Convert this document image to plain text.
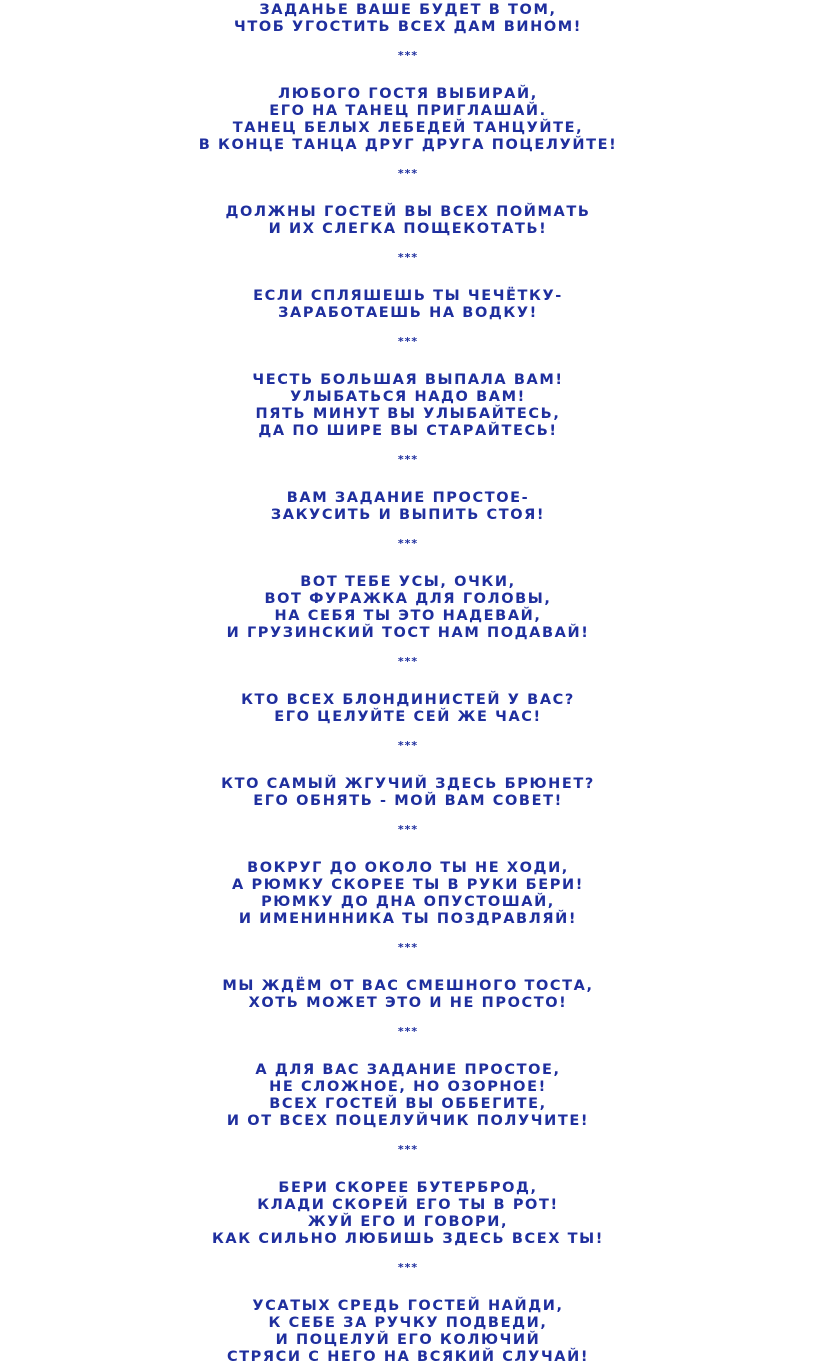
ЗАДАНЬЕ ВАШЕ БУДЕТ В ТОМ,
ЧТОБ УГОСТИТЬ ВСЕХ ДАМ ВИНОМ!
***
ЛЮБОГО ГОСТЯ ВЫБИРАЙ,
ЕГО НА ТАНЕЦ ПРИГЛАШАЙ.
ТАНЕЦ БЕЛЫХ ЛЕБЕДЕЙ ТАНЦУЙТЕ,
В КОНЦЕ ТАНЦА ДРУГ ДРУГА ПОЦЕЛУЙТЕ!
***
ДОЛЖНЫ ГОСТЕЙ ВЫ ВСЕХ ПОЙМАТЬ
И ИХ СЛЕГКА ПОЩЕКОТАТЬ!
***
ЕСЛИ СПЛЯШЕШЬ ТЫ ЧЕЧЁТКУ-
ЗАРАБОТАЕШЬ НА ВОДКУ!
***
ЧЕСТЬ БОЛЬШАЯ ВЫПАЛА ВАМ!
УЛЫБАТЬСЯ НАДО ВАМ!
ПЯТЬ МИНУТ ВЫ УЛЫБАЙТЕСЬ,
ДА ПО ШИРЕ ВЫ СТАРАЙТЕСЬ!
***
ВАМ ЗАДАНИЕ ПРОСТОЕ-
ЗАКУСИТЬ И ВЫПИТЬ СТОЯ!
***
ВОТ ТЕБЕ УСЫ, ОЧКИ,
ВОТ ФУРАЖКА ДЛЯ ГОЛОВЫ,
НА СЕБЯ ТЫ ЭТО НАДЕВАЙ,
И ГРУЗИНСКИЙ ТОСТ НАМ ПОДАВАЙ!
***
КТО ВСЕХ БЛОНДИНИСТЕЙ У ВАС?
ЕГО ЦЕЛУЙТЕ СЕЙ ЖЕ ЧАС!
***
КТО САМЫЙ ЖГУЧИЙ ЗДЕСЬ БРЮНЕТ?
ЕГО ОБНЯТЬ - МОЙ ВАМ СОВЕТ!
***
ВОКРУГ ДО ОКОЛО ТЫ НЕ ХОДИ,
А РЮМКУ СКОРЕЕ ТЫ В РУКИ БЕРИ!
РЮМКУ ДО ДНА ОПУСТОШАЙ,
И ИМЕНИННИКА ТЫ ПОЗДРАВЛЯЙ!
***
МЫ ЖДЁМ ОТ ВАС СМЕШНОГО ТОСТА,
ХОТЬ МОЖЕТ ЭТО И НЕ ПРОСТО!
***
А ДЛЯ ВАС ЗАДАНИЕ ПРОСТОЕ,
НЕ СЛОЖНОЕ, НО ОЗОРНОЕ!
ВСЕХ ГОСТЕЙ ВЫ ОББЕГИТЕ,
И ОТ ВСЕХ ПОЦЕЛУЙЧИК ПОЛУЧИТЕ!
***
БЕРИ СКОРЕЕ БУТЕРБРОД,
КЛАДИ СКОРЕЙ ЕГО ТЫ В РОТ!
ЖУЙ ЕГО И ГОВОРИ,
КАК СИЛЬНО ЛЮБИШЬ ЗДЕСЬ ВСЕХ ТЫ!
***
УСАТЫХ СРЕДЬ ГОСТЕЙ НАЙДИ,
К СЕБЕ ЗА РУЧКУ ПОДВЕДИ,
И ПОЦЕЛУЙ ЕГО КОЛЮЧИЙ
СТРЯСИ С НЕГО НА ВСЯКИЙ СЛУЧАЙ!
